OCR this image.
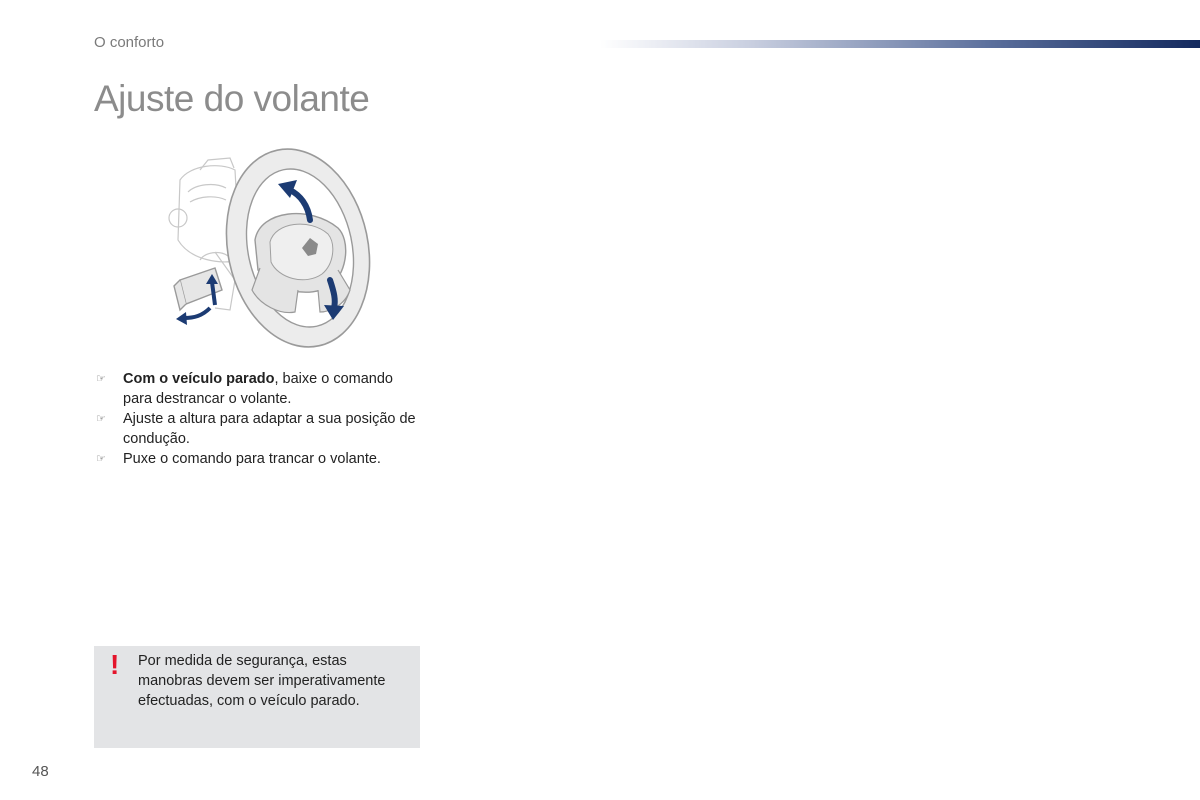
O conforto
Ajuste do volante
☞ Com o veículo parado, baixe o comando para destrancar o volante.
☞ Ajuste a altura para adaptar a sua posição de condução.
☞ Puxe o comando para trancar o volante.
! Por medida de segurança, estas manobras devem ser imperativamente efectuadas, com o veículo parado.
48
